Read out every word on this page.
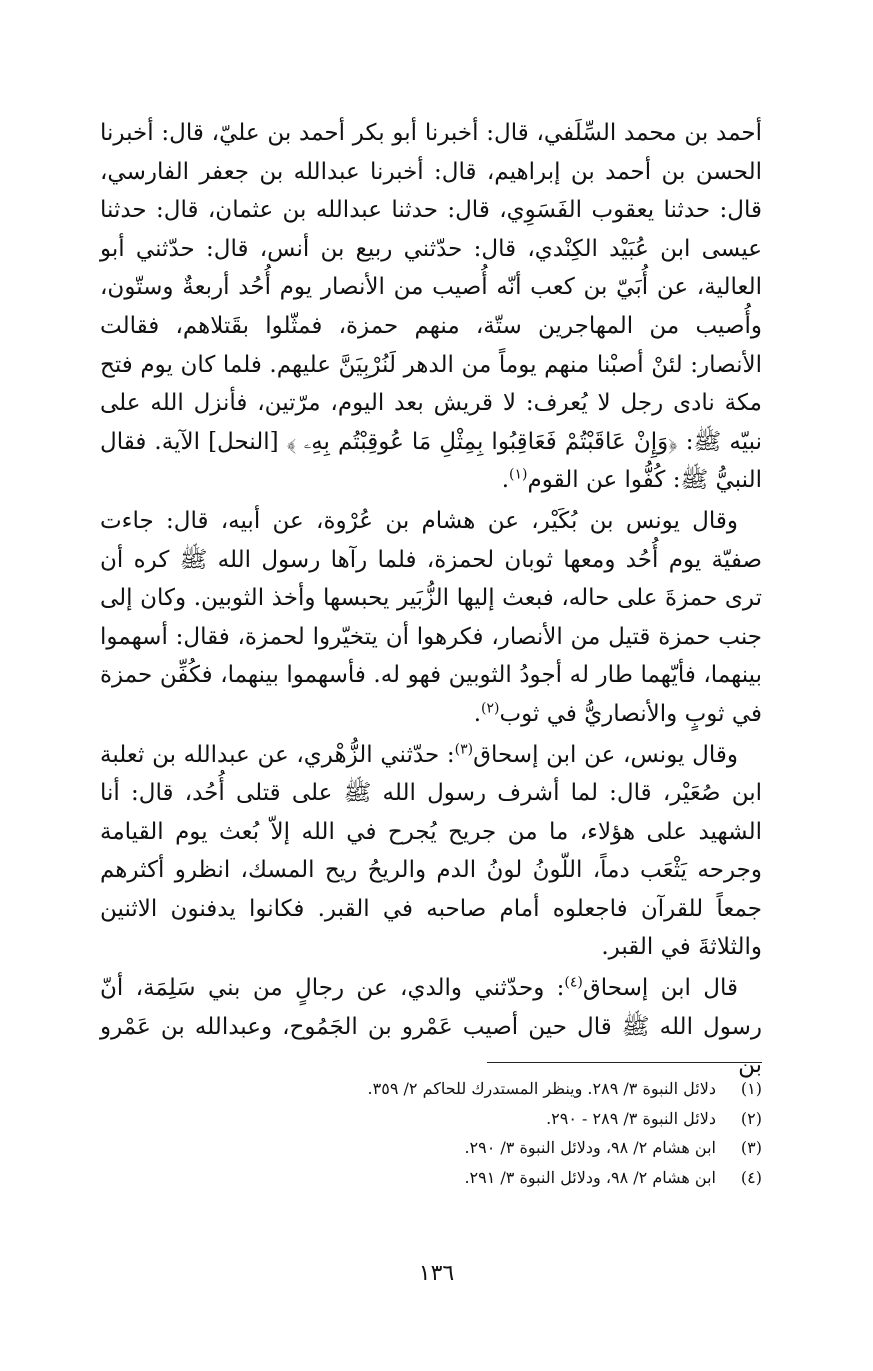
أحمد بن محمد السِّلَفي، قال: أخبرنا أبو بكر أحمد بن عليّ، قال: أخبرنا الحسن بن أحمد بن إبراهيم، قال: أخبرنا عبدالله بن جعفر الفارسي، قال: حدثنا يعقوب الفَسَوِي، قال: حدثنا عبدالله بن عثمان، قال: حدثنا عيسى ابن عُبَيْد الكِنْدي، قال: حدّثني ربيع بن أنس، قال: حدّثني أبو العالية، عن أُبَيّ بن كعب أنّه أُصيب من الأنصار يوم أُحُد أربعةٌ وستّون، وأُصيب من المهاجرين ستّة، منهم حمزة، فمثّلوا بقَتلاهم، فقالت الأنصار: لئنْ أصبْنا منهم يوماً من الدهر لَنُرْبِيَنَّ عليهم. فلما كان يوم فتح مكة نادى رجل لا يُعرف: لا قريش بعد اليوم، مرّتين، فأنزل الله على نبيّه ﷺ: ﴿وَإِنْ عَاقَبْتُمْ فَعَاقِبُوا بِمِثْلِ مَا عُوقِبْتُم بِهِۦ ﴾ [النحل] الآية. فقال النبيُّ ﷺ: كُفُّوا عن القوم$^{(١)}$.

وقال يونس بن بُكَيْر، عن هشام بن عُرْوة، عن أبيه، قال: جاءت صفيّة يوم أُحُد ومعها ثوبان لحمزة، فلما رآها رسول الله ﷺ كره أن ترى حمزةَ على حاله، فبعث إليها الزُّبَير يحبسها وأخذ الثوبين. وكان إلى جنب حمزة قتيل من الأنصار، فكرهوا أن يتخيّروا لحمزة، فقال: أسهموا بينهما، فأيّهما طار له أجودُ الثوبين فهو له. فأسهموا بينهما، فكُفِّن حمزة في ثوبٍ والأنصاريُّ في ثوب$^{(٢)}$.

وقال يونس، عن ابن إسحاق$^{(٣)}$: حدّثني الزُّهْري، عن عبدالله بن ثعلبة ابن صُعَيْر، قال: لما أشرف رسول الله ﷺ على قتلى أُحُد، قال: أنا الشهيد على هؤلاء، ما من جريح يُجرح في الله إلاّ بُعث يوم القيامة وجرحه يَثْعَب دماً، اللّونُ لونُ الدم والريحُ ريح المسك، انظرو أكثرهم جمعاً للقرآن فاجعلوه أمام صاحبه في القبر. فكانوا يدفنون الاثنين والثلاثةَ في القبر.

قال ابن إسحاق$^{(٤)}$: وحدّثني والدي، عن رجالٍ من بني سَلِمَة، أنّ رسول الله ﷺ قال حين أصيب عَمْرو بن الجَمُوح، وعبدالله بن عَمْرو بن

(١)
دلائل النبوة ٣/ ٢٨٩. وينظر المستدرك للحاكم ٢/ ٣٥٩.
(٢)
دلائل النبوة ٣/ ٢٨٩ - ٢٩٠.
(٣)
ابن هشام ٢/ ٩٨، ودلائل النبوة ٣/ ٢٩٠.
(٤)
ابن هشام ٢/ ٩٨، ودلائل النبوة ٣/ ٢٩١.
١٣٦
